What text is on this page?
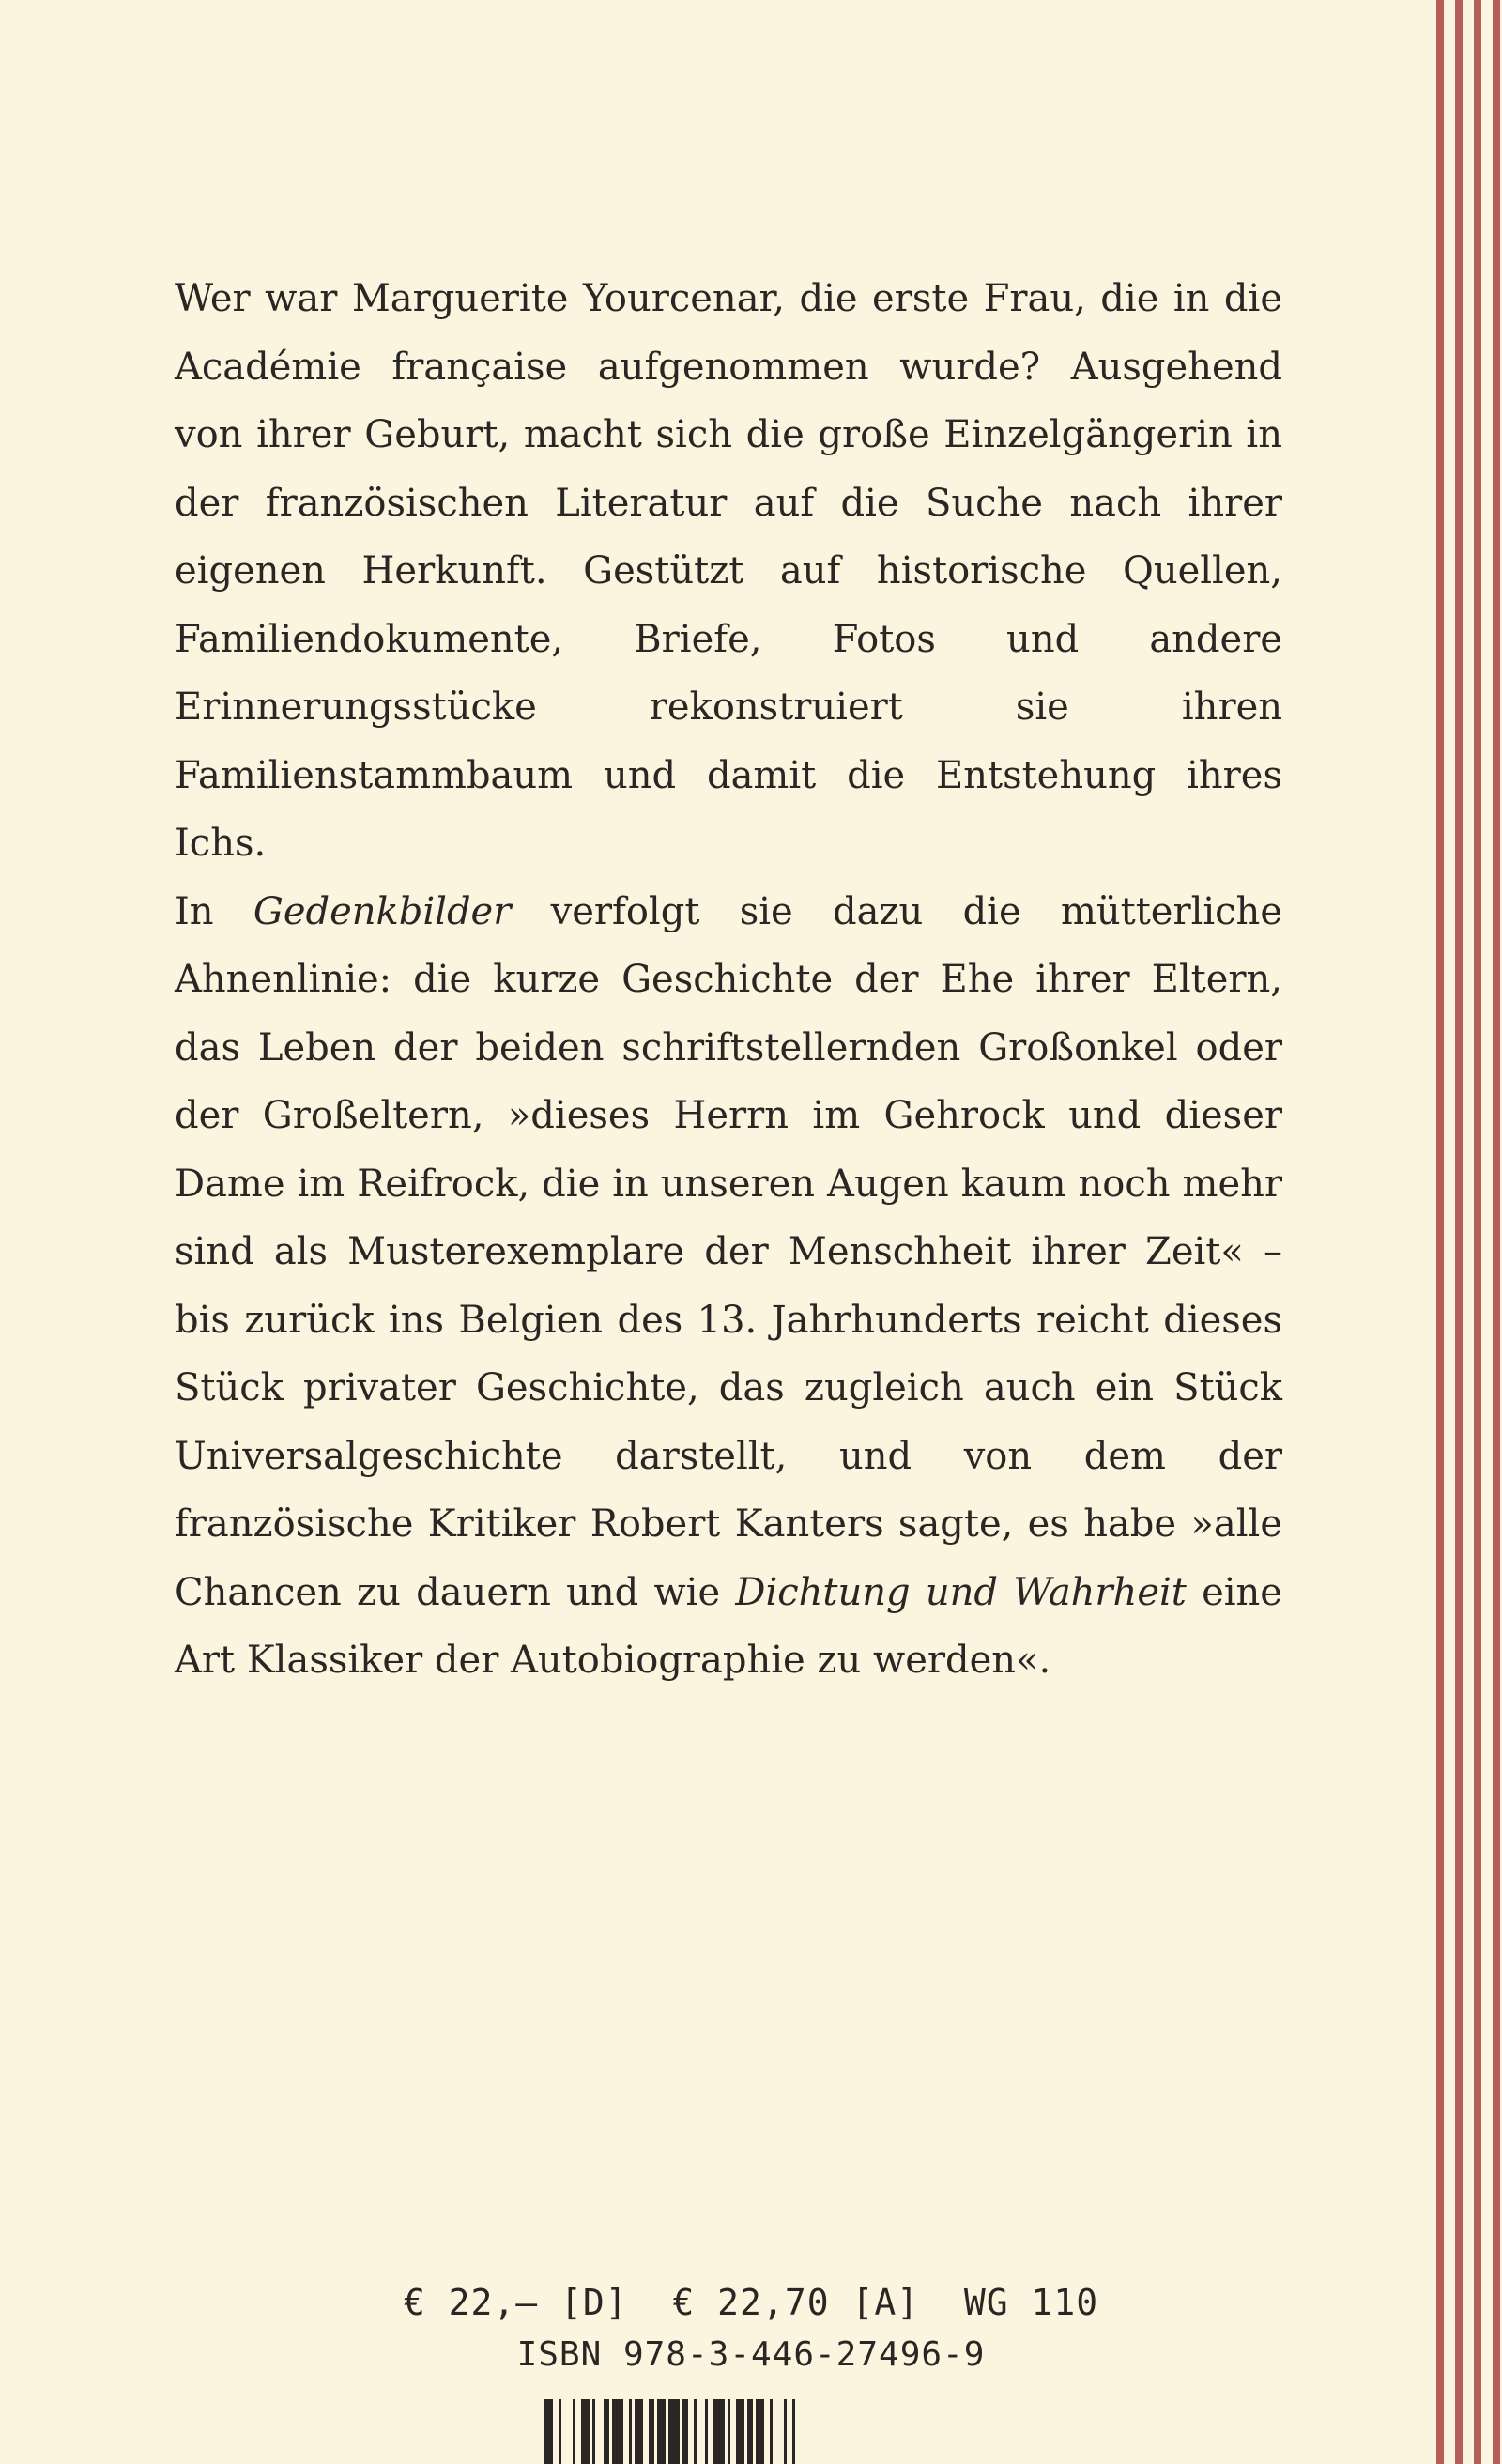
Wer war Marguerite Yourcenar, die erste Frau, die in die Académie française aufgenommen wurde? Ausgehend von ihrer Geburt, macht sich die große Einzelgängerin in der französischen Literatur auf die Suche nach ihrer eigenen Herkunft. Gestützt auf historische Quellen, Familiendokumente, Briefe, Fotos und andere Erinnerungsstücke rekonstruiert sie ihren Familienstammbaum und damit die Entstehung ihres Ichs.

In Gedenkbilder verfolgt sie dazu die mütterliche Ahnenlinie: die kurze Geschichte der Ehe ihrer Eltern, das Leben der beiden schriftstellernden Großonkel oder der Großeltern, »dieses Herrn im Gehrock und dieser Dame im Reifrock, die in unseren Augen kaum noch mehr sind als Musterexemplare der Menschheit ihrer Zeit« – bis zurück ins Belgien des 13. Jahrhunderts reicht dieses Stück privater Geschichte, das zugleich auch ein Stück Universalgeschichte darstellt, und von dem der französische Kritiker Robert Kanters sagte, es habe »alle Chancen zu dauern und wie Dichtung und Wahrheit eine Art Klassiker der Autobiographie zu werden«.

€ 22,– [D]  € 22,70 [A]  WG 110
ISBN 978-3-446-27496-9
